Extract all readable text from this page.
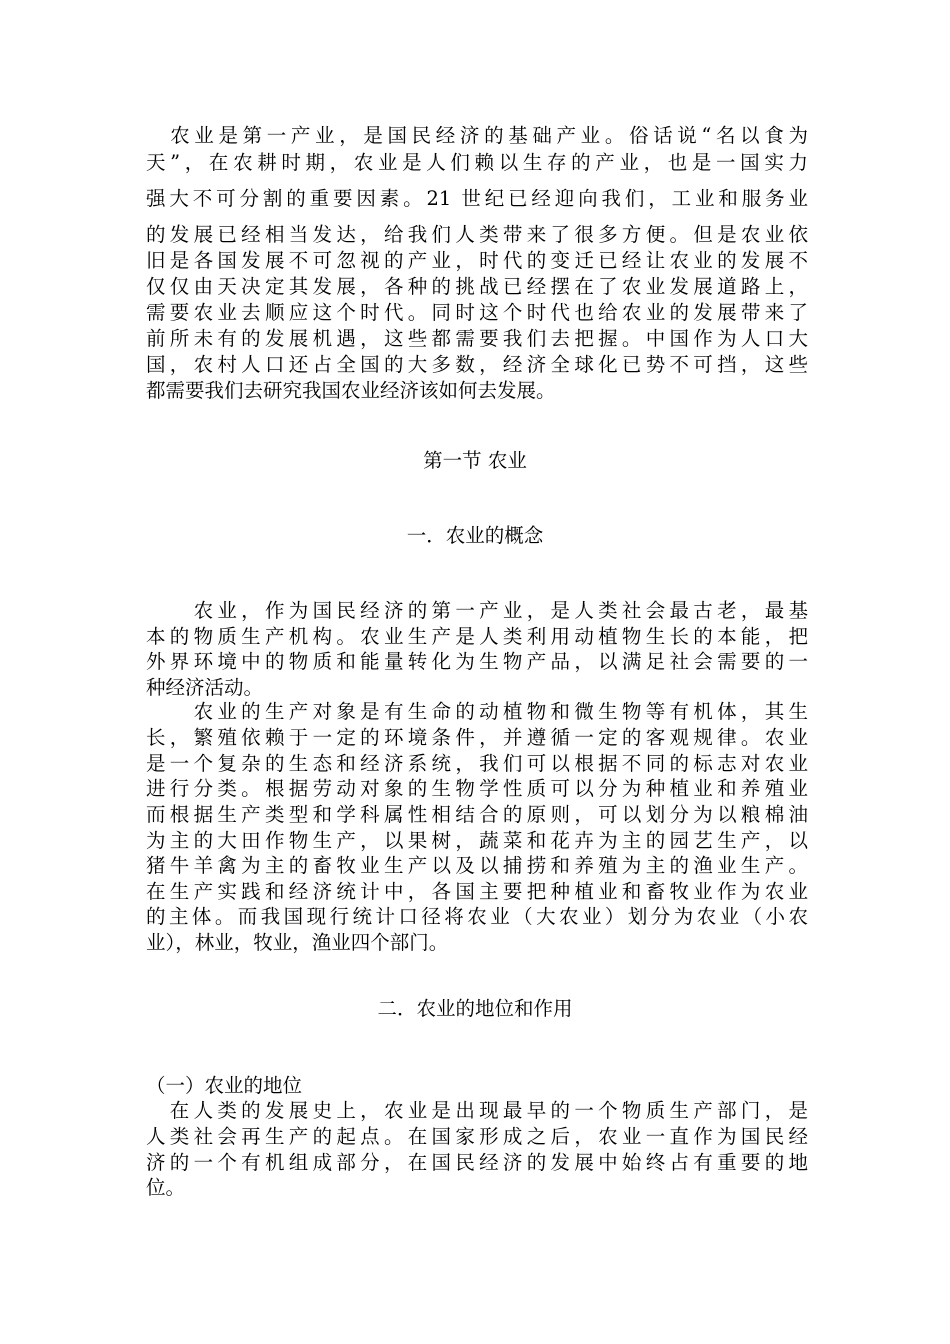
　农业是第一产业，是国民经济的基础产业。俗话说“名以食为
天”，在农耕时期，农业是人们赖以生存的产业，也是一国实力
强大不可分割的重要因素。21 世纪已经迎向我们，工业和服务业
的发展已经相当发达，给我们人类带来了很多方便。但是农业依
旧是各国发展不可忽视的产业，时代的变迁已经让农业的发展不
仅仅由天决定其发展，各种的挑战已经摆在了农业发展道路上，
需要农业去顺应这个时代。同时这个时代也给农业的发展带来了
前所未有的发展机遇，这些都需要我们去把握。中国作为人口大
国，农村人口还占全国的大多数，经济全球化已势不可挡，这些
都需要我们去研究我国农业经济该如何去发展。
第一节 农业
一．农业的概念
　　农业，作为国民经济的第一产业，是人类社会最古老，最基
本的物质生产机构。农业生产是人类利用动植物生长的本能，把
外界环境中的物质和能量转化为生物产品，以满足社会需要的一
种经济活动。
　　农业的生产对象是有生命的动植物和微生物等有机体，其生
长，繁殖依赖于一定的环境条件，并遵循一定的客观规律。农业
是一个复杂的生态和经济系统，我们可以根据不同的标志对农业
进行分类。根据劳动对象的生物学性质可以分为种植业和养殖业
而根据生产类型和学科属性相结合的原则，可以划分为以粮棉油
为主的大田作物生产，以果树，蔬菜和花卉为主的园艺生产，以
猪牛羊禽为主的畜牧业生产以及以捕捞和养殖为主的渔业生产。
在生产实践和经济统计中，各国主要把种植业和畜牧业作为农业
的主体。而我国现行统计口径将农业（大农业）划分为农业（小农
业），林业，牧业，渔业四个部门。
二．农业的地位和作用
（一）农业的地位
　在人类的发展史上，农业是出现最早的一个物质生产部门，是
人类社会再生产的起点。在国家形成之后，农业一直作为国民经
济的一个有机组成部分，在国民经济的发展中始终占有重要的地
位。
